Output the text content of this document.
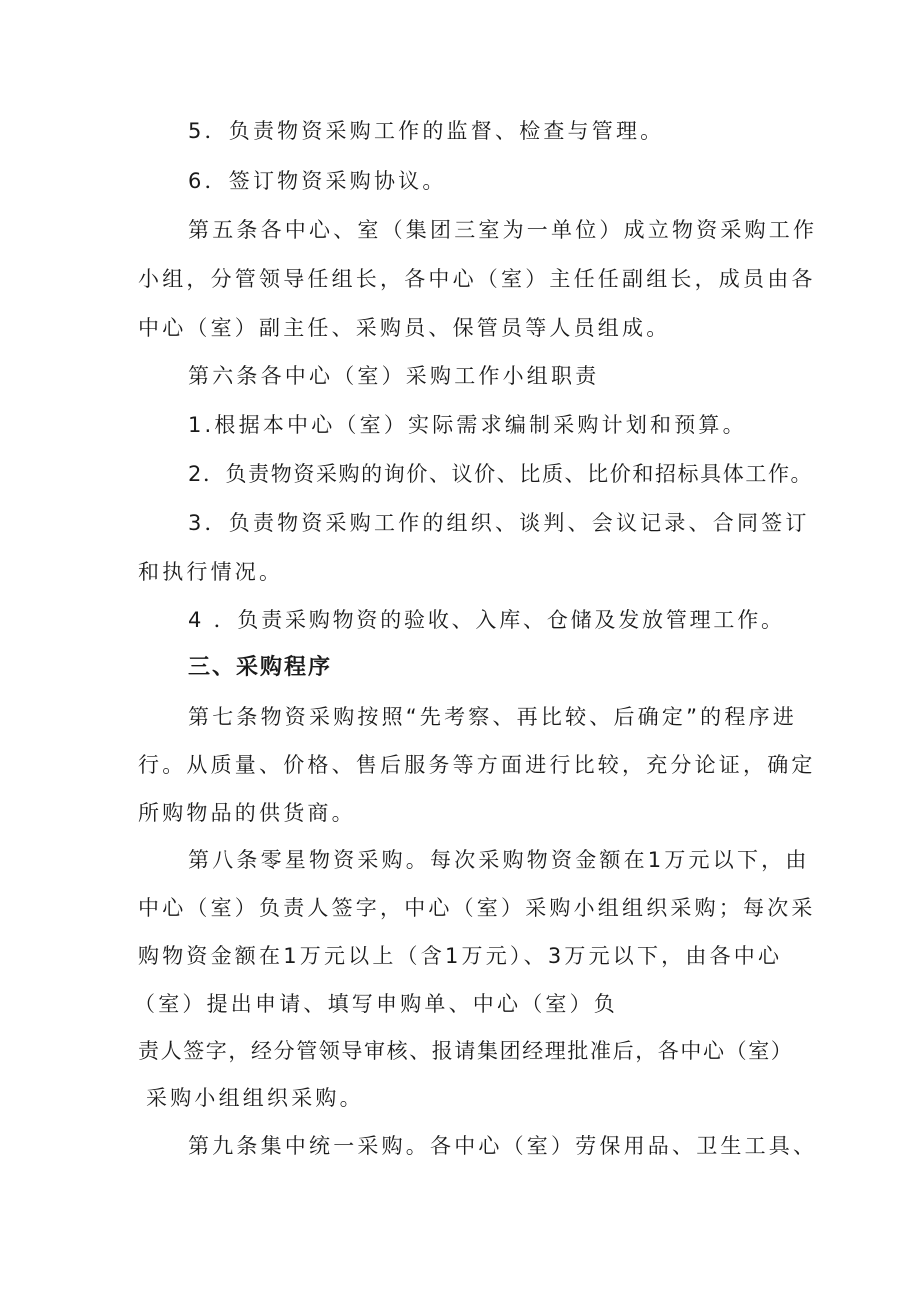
5．负责物资采购工作的监督、检查与管理。
6．签订物资采购协议。
第五条各中心、室（集团三室为一单位）成立物资采购工作
小组，分管领导任组长，各中心（室）主任任副组长，成员由各
中心（室）副主任、采购员、保管员等人员组成。
第六条各中心（室）采购工作小组职责
1.根据本中心（室）实际需求编制采购计划和预算。
2．负责物资采购的询价、议价、比质、比价和招标具体工作。
3．负责物资采购工作的组织、谈判、会议记录、合同签订
和执行情况。
4 ．负责采购物资的验收、入库、仓储及发放管理工作。
三、采购程序
第七条物资采购按照“先考察、再比较、后确定”的程序进
行。从质量、价格、售后服务等方面进行比较，充分论证，确定
所购物品的供货商。
第八条零星物资采购。每次采购物资金额在1万元以下，由
中心（室）负责人签字，中心（室）采购小组组织采购；每次采
购物资金额在1万元以上（含1万元）、3万元以下，由各中心
（室）提出申请、填写申购单、中心（室）负
责人签字，经分管领导审核、报请集团经理批准后，各中心（室）
采购小组组织采购。
第九条集中统一采购。各中心（室）劳保用品、卫生工具、
